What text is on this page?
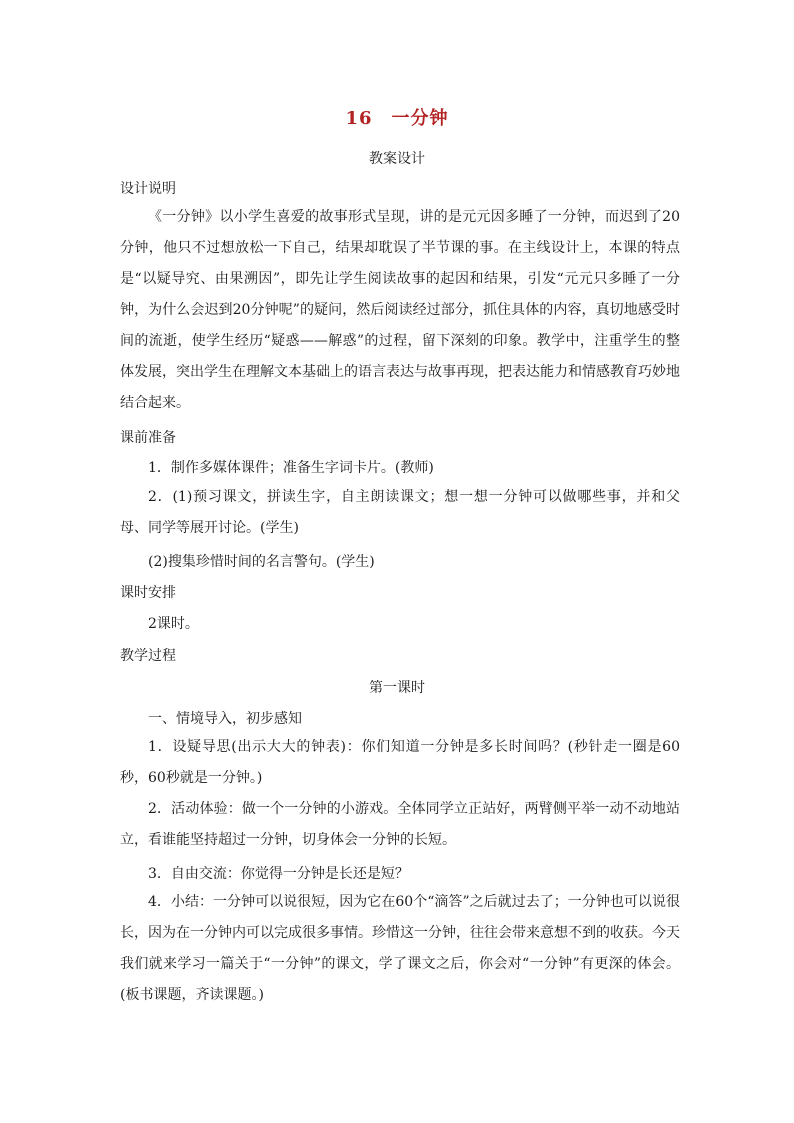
16　一分钟
教案设计
设计说明
《一分钟》以小学生喜爱的故事形式呈现，讲的是元元因多睡了一分钟，而迟到了20分钟，他只不过想放松一下自己，结果却耽误了半节课的事。在主线设计上，本课的特点是“以疑导究、由果溯因”，即先让学生阅读故事的起因和结果，引发“元元只多睡了一分钟，为什么会迟到20分钟呢”的疑问，然后阅读经过部分，抓住具体的内容，真切地感受时间的流逝，使学生经历“疑惑——解惑”的过程，留下深刻的印象。教学中，注重学生的整体发展，突出学生在理解文本基础上的语言表达与故事再现，把表达能力和情感教育巧妙地结合起来。
课前准备
1．制作多媒体课件；准备生字词卡片。(教师)
2．(1)预习课文，拼读生字，自主朗读课文；想一想一分钟可以做哪些事，并和父母、同学等展开讨论。(学生)
(2)搜集珍惜时间的名言警句。(学生)
课时安排
2课时。
教学过程
第一课时
一、情境导入，初步感知
1．设疑导思(出示大大的钟表)：你们知道一分钟是多长时间吗？(秒针走一圈是60秒，60秒就是一分钟。)
2．活动体验：做一个一分钟的小游戏。全体同学立正站好，两臂侧平举一动不动地站立，看谁能坚持超过一分钟，切身体会一分钟的长短。
3．自由交流：你觉得一分钟是长还是短？
4．小结：一分钟可以说很短，因为它在60个“滴答”之后就过去了；一分钟也可以说很长，因为在一分钟内可以完成很多事情。珍惜这一分钟，往往会带来意想不到的收获。今天我们就来学习一篇关于“一分钟”的课文，学了课文之后，你会对“一分钟”有更深的体会。(板书课题，齐读课题。)
